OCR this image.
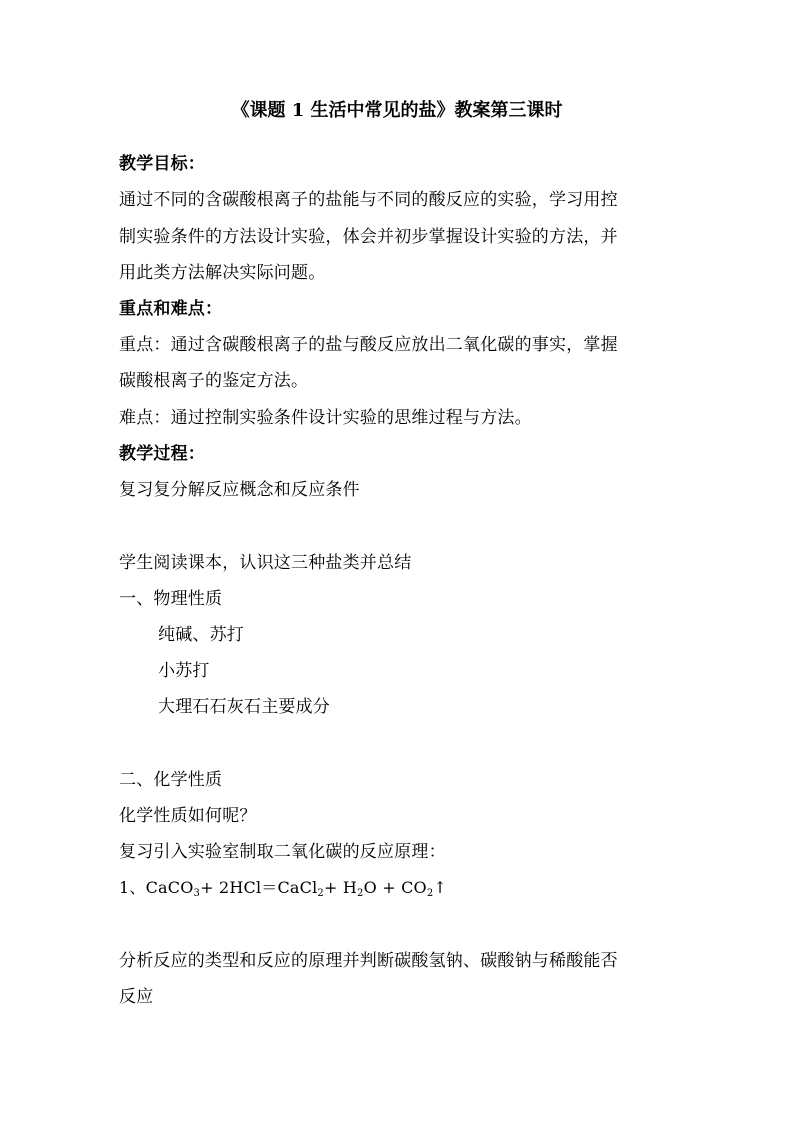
《课题 1 生活中常见的盐》教案第三课时
教学目标：
通过不同的含碳酸根离子的盐能与不同的酸反应的实验，学习用控
制实验条件的方法设计实验，体会并初步掌握设计实验的方法，并
用此类方法解决实际问题。
重点和难点：
重点：通过含碳酸根离子的盐与酸反应放出二氧化碳的事实，掌握
碳酸根离子的鉴定方法。
难点：通过控制实验条件设计实验的思维过程与方法。
教学过程：
复习复分解反应概念和反应条件
学生阅读课本，认识这三种盐类并总结
一、物理性质
纯碱、苏打
小苏打
大理石石灰石主要成分
二、化学性质
化学性质如何呢？
复习引入实验室制取二氧化碳的反应原理：
1、CaCO$_3$+ 2HCl＝CaCl$_2$+ $H_2O$ + $CO_2↑$
分析反应的类型和反应的原理并判断碳酸氢钠、碳酸钠与稀酸能否
反应
